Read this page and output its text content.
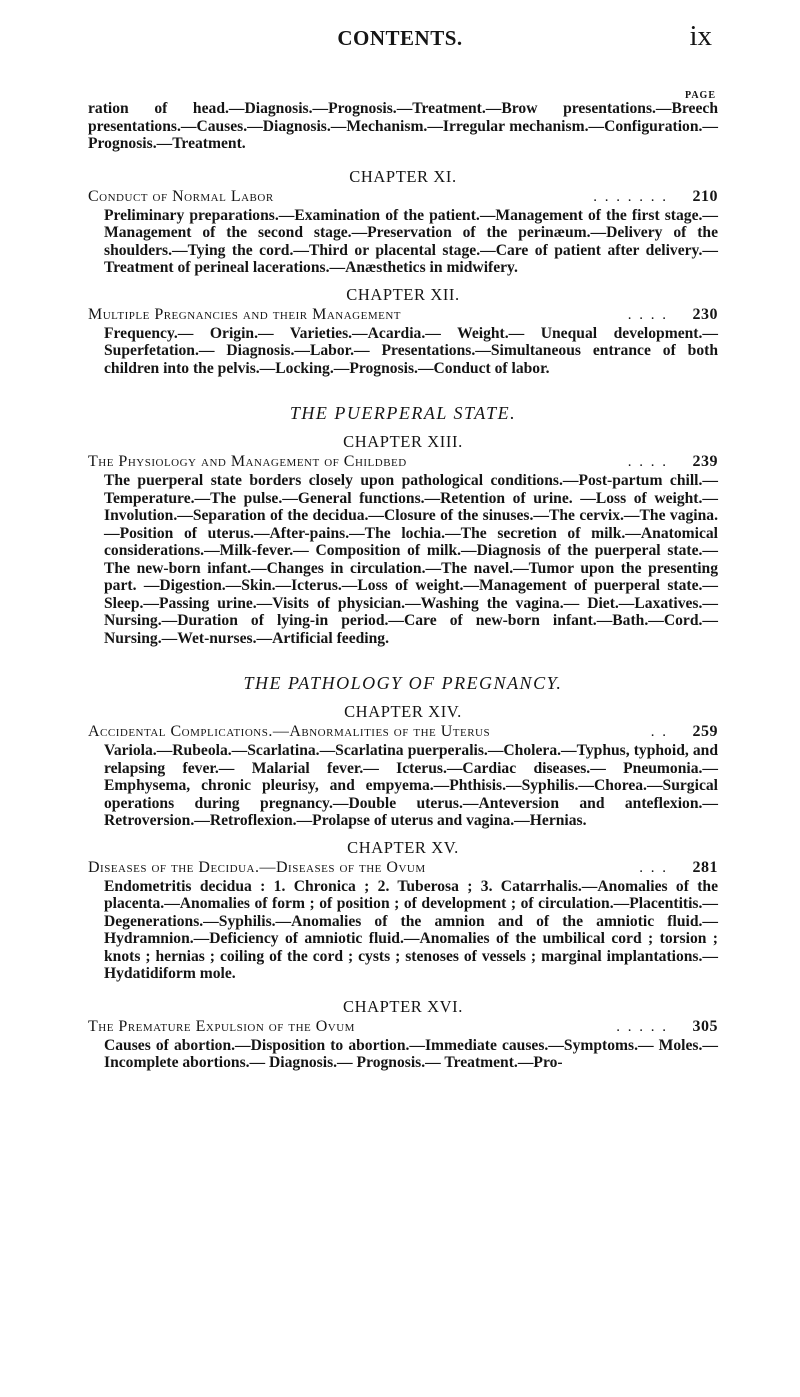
CONTENTS.	ix
PAGE

ration of head.—Diagnosis.—Prognosis.—Treatment.—Brow presentations.—Breech presentations.—Causes.—Diagnosis.—Mechanism.—Irregular mechanism.—Configuration.—Prognosis.—Treatment.

CHAPTER XI.

Conduct of Normal Labor	. . . . . . .	210

Preliminary preparations.—Examination of the patient.—Management of the first stage.—Management of the second stage.—Preservation of the perinæum.—Delivery of the shoulders.—Tying the cord.—Third or placental stage.—Care of patient after delivery.—Treatment of perineal lacerations.—Anæsthetics in midwifery.

CHAPTER XII.

Multiple Pregnancies and their Management	. . . .	230

Frequency.— Origin.— Varieties.—Acardia.— Weight.— Unequal development.— Superfetation.— Diagnosis.—Labor.— Presentations.—Simultaneous entrance of both children into the pelvis.—Locking.—Prognosis.—Conduct of labor.

THE PUERPERAL STATE.

CHAPTER XIII.

The Physiology and Management of Childbed	. . . .	239

The puerperal state borders closely upon pathological conditions.—Post-partum chill.—Temperature.—The pulse.—General functions.—Retention of urine. —Loss of weight.—Involution.—Separation of the decidua.—Closure of the sinuses.—The cervix.—The vagina.—Position of uterus.—After-pains.—The lochia.—The secretion of milk.—Anatomical considerations.—Milk-fever.— Composition of milk.—Diagnosis of the puerperal state.—The new-born infant.—Changes in circulation.—The navel.—Tumor upon the presenting part. —Digestion.—Skin.—Icterus.—Loss of weight.—Management of puerperal state.—Sleep.—Passing urine.—Visits of physician.—Washing the vagina.— Diet.—Laxatives.—Nursing.—Duration of lying-in period.—Care of new-born infant.—Bath.—Cord.—Nursing.—Wet-nurses.—Artificial feeding.

THE PATHOLOGY OF PREGNANCY.

CHAPTER XIV.

Accidental Complications.—Abnormalities of the Uterus	. .	259

Variola.—Rubeola.—Scarlatina.—Scarlatina puerperalis.—Cholera.—Typhus, typhoid, and relapsing fever.— Malarial fever.— Icterus.—Cardiac diseases.— Pneumonia.—Emphysema, chronic pleurisy, and empyema.—Phthisis.—Syphilis.—Chorea.—Surgical operations during pregnancy.—Double uterus.—Anteversion and anteflexion.—Retroversion.—Retroflexion.—Prolapse of uterus and vagina.—Hernias.

CHAPTER XV.

Diseases of the Decidua.—Diseases of the Ovum	. . .	281

Endometritis decidua : 1. Chronica ; 2. Tuberosa ; 3. Catarrhalis.—Anomalies of the placenta.—Anomalies of form ; of position ; of development ; of circulation.—Placentitis.—Degenerations.—Syphilis.—Anomalies of the amnion and of the amniotic fluid.—Hydramnion.—Deficiency of amniotic fluid.—Anomalies of the umbilical cord ; torsion ; knots ; hernias ; coiling of the cord ; cysts ; stenoses of vessels ; marginal implantations.—Hydatidiform mole.

CHAPTER XVI.

The Premature Expulsion of the Ovum	. . . . .	305

Causes of abortion.—Disposition to abortion.—Immediate causes.—Symptoms.— Moles.— Incomplete abortions.— Diagnosis.— Prognosis.— Treatment.—Pro-
